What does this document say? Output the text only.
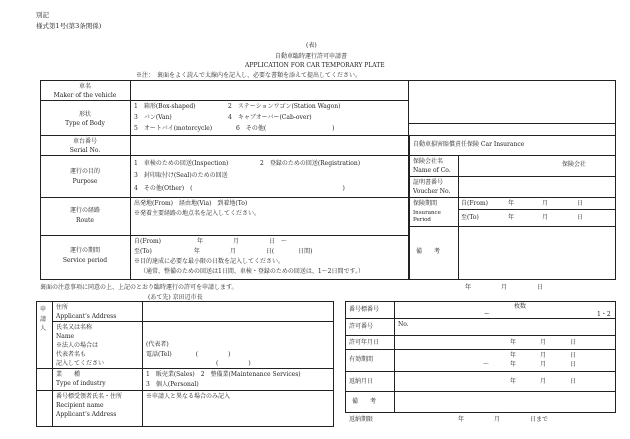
別記
様式第1号(第3条関係)
(表)
自動車臨時運行許可申請書
APPLICATION FOR CAR TEMPORARY PLATE
※注：　裏面をよく読んで太線内を記入し、必要な書類を添えて提出してください。
車名
Maker of the vehicle
形状
Type of Body
1　箱形(Box-shaped)	2　ステーションワゴン(Station Wagon)
3　バン(Van)	4　キャブオーバー(Cab-over)
5　オートバイ(motorcycle)	6　その他(　　　　　　　　　　　)
車台番号
Serial No.
自動車損害賠償責任保険 Car Insurance
保険会社名
Name of Co.
保険会社
証明書番号
Voucher No.
保険期間
Insurance Period
自(From)	年	月	日
至(To)	年	月	日
備　　考
運行の目的
Purpose
1　車検のための回送(Inspection)	2　登録のための回送(Registration)
3　封印取付け(Seal)のための回送
4　その他(Other)　(　　　　　　　　　　　　　　　　　　　　　　　　　)
運行の経路
Route
出発地(From)　経由地(Via)　到着地(To)
※発着主要経路の地点名を記入してください。
運行の期間
Service period
自(From)　　　　　　年　　　　　月　　　　　日　～
至(To)　　　　　　　年　　　　　月　　　　　日(　　　　日間)
※目的達成に必要な最小限の日数を記入してください。
（通常、整備のための回送は1日間、車検・登録のための回送は、1～2日間です。）
裏面の注意事項に同意の上、上記のとおり臨時運行の許可を申請します。	年　　　　　月　　　　　日
(あて先) 京田辺市長
申請人
住所
Applicant's Address
氏名又は名称
Name
※法人の場合は
代表者名も
記入してください
(代表者)
電話(Tel)　　　　(　　　　　)
(　　　　　)
業　　種
Type of industry
1　販売業(Sales)　2　整備業(Maintenance Services)
3　個人(Personal)
番号標受領者氏名・住所
Recipient name
Applicant's Address
※申請人と異なる場合のみ記入
番号標番号	枚数
ー	1・2
許可番号	No.
許可年月日	年　　　　月　　　　日
有効期間
年　　　　月　　　　日
～	年　　　　月　　　　日
返納月日	年　　　　月　　　　日
備　　考
返納期限	年　　　　　月　　　　　日まで
